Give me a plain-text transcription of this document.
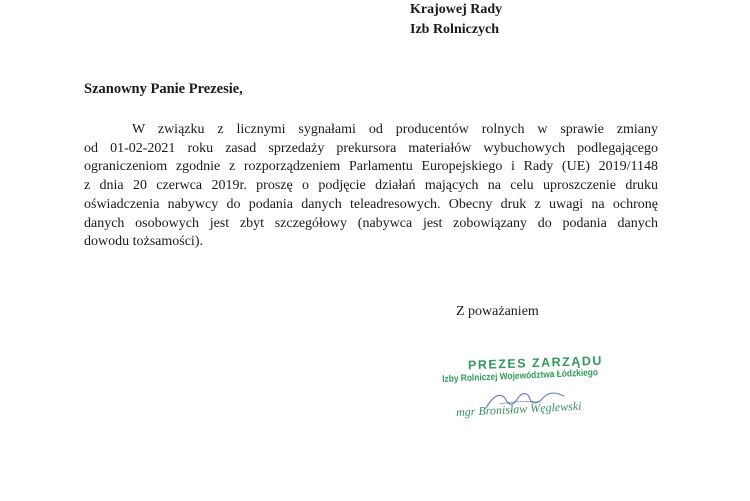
Krajowej Rady
Izb Rolniczych
Szanowny Panie Prezesie,
W związku z licznymi sygnałami od producentów rolnych w sprawie zmiany
od 01-02-2021 roku zasad sprzedaży prekursora materiałów wybuchowych podlegającego
ograniczeniom zgodnie z rozporządzeniem Parlamentu Europejskiego i Rady (UE) 2019/1148
z dnia 20 czerwca 2019r. proszę o podjęcie działań mających na celu uproszczenie druku
oświadczenia nabywcy do podania danych teleadresowych. Obecny druk z uwagi na ochronę
danych osobowych jest zbyt szczegółowy (nabywca jest zobowiązany do podania danych
dowodu tożsamości).
Z poważaniem
PREZES ZARZĄDU
Izby Rolniczej Województwa Łódzkiego
mgr Bronisław Węglewski
